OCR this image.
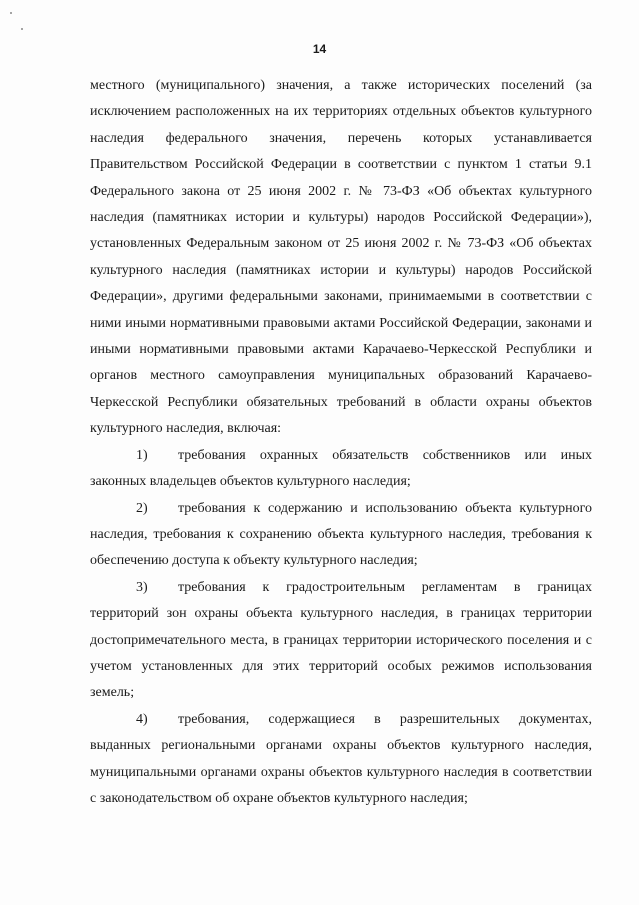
14

местного (муниципального) значения, а также исторических поселений (за исключением расположенных на их территориях отдельных объектов культурного наследия федерального значения, перечень которых устанавливается Правительством Российской Федерации в соответствии с пунктом 1 статьи 9.1 Федерального закона от 25 июня 2002 г. № 73-ФЗ «Об объектах культурного наследия (памятниках истории и культуры) народов Российской Федерации»), установленных Федеральным законом от 25 июня 2002 г. № 73-ФЗ «Об объектах культурного наследия (памятниках истории и культуры) народов Российской Федерации», другими федеральными законами, принимаемыми в соответствии с ними иными нормативными правовыми актами Российской Федерации, законами и иными нормативными правовыми актами Карачаево-Черкесской Республики и органов местного самоуправления муниципальных образований Карачаево-Черкесской Республики обязательных требований в области охраны объектов культурного наследия, включая:

1) требования охранных обязательств собственников или иных законных владельцев объектов культурного наследия;

2) требования к содержанию и использованию объекта культурного наследия, требования к сохранению объекта культурного наследия, требования к обеспечению доступа к объекту культурного наследия;

3) требования к градостроительным регламентам в границах территорий зон охраны объекта культурного наследия, в границах территории достопримечательного места, в границах территории исторического поселения и с учетом установленных для этих территорий особых режимов использования земель;

4) требования, содержащиеся в разрешительных документах, выданных региональными органами охраны объектов культурного наследия, муниципальными органами охраны объектов культурного наследия в соответствии с законодательством об охране объектов культурного наследия;
